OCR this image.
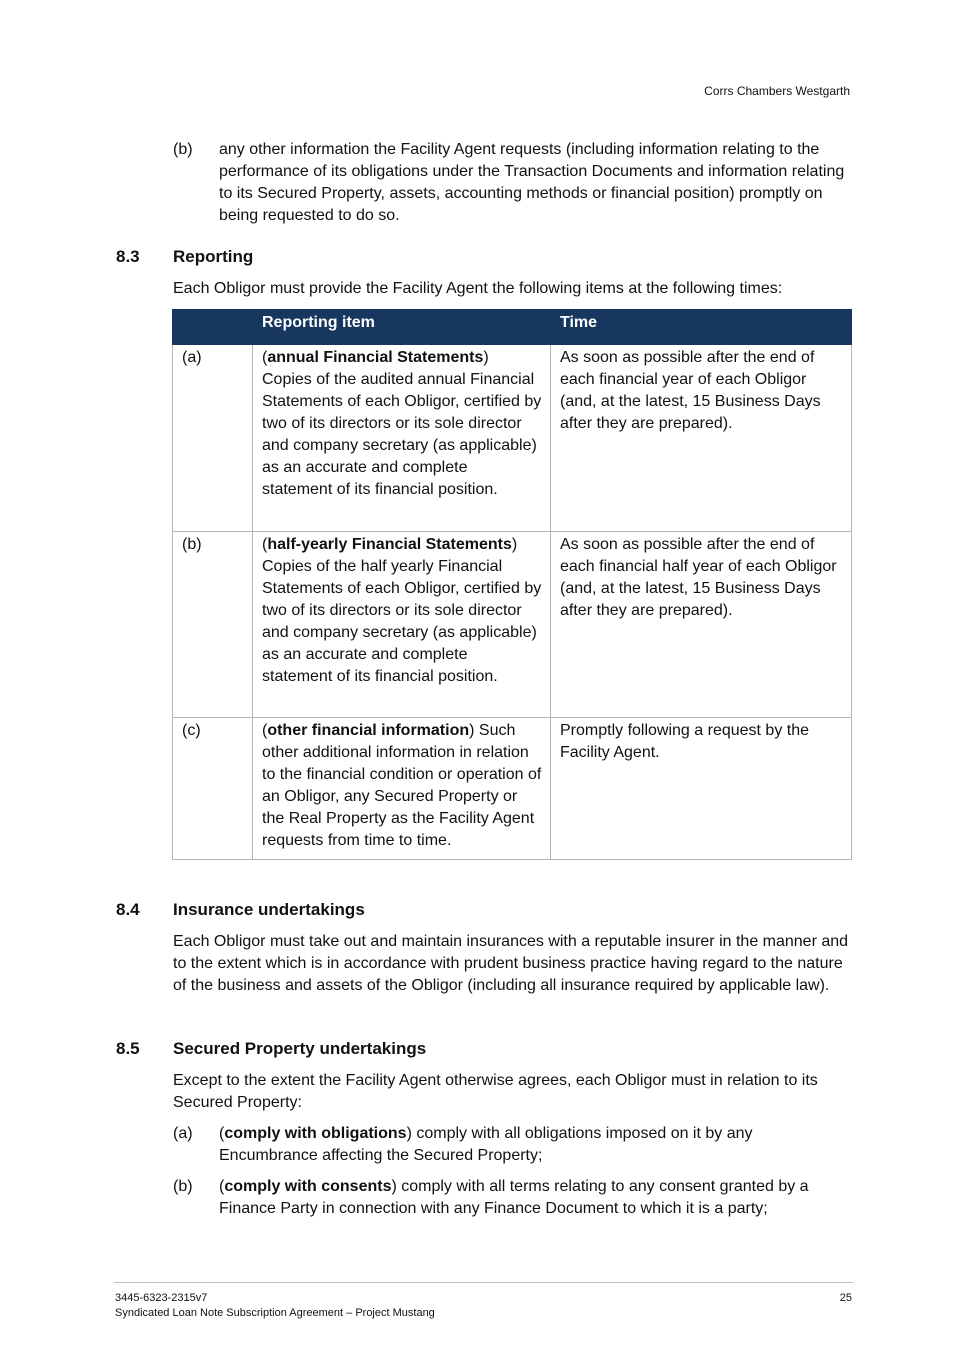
Corrs Chambers Westgarth
(b) any other information the Facility Agent requests (including information relating to the performance of its obligations under the Transaction Documents and information relating to its Secured Property, assets, accounting methods or financial position) promptly on being requested to do so.
8.3 Reporting
Each Obligor must provide the Facility Agent the following items at the following times:
	Reporting item	Time

(a)	(annual Financial Statements) Copies of the audited annual Financial Statements of each Obligor, certified by two of its directors or its sole director and company secretary (as applicable) as an accurate and complete statement of its financial position.	As soon as possible after the end of each financial year of each Obligor (and, at the latest, 15 Business Days after they are prepared).

(b)	(half-yearly Financial Statements) Copies of the half yearly Financial Statements of each Obligor, certified by two of its directors or its sole director and company secretary (as applicable) as an accurate and complete statement of its financial position.	As soon as possible after the end of each financial half year of each Obligor (and, at the latest, 15 Business Days after they are prepared).

(c)	(other financial information) Such other additional information in relation to the financial condition or operation of an Obligor, any Secured Property or the Real Property as the Facility Agent requests from time to time.	Promptly following a request by the Facility Agent.
8.4 Insurance undertakings
Each Obligor must take out and maintain insurances with a reputable insurer in the manner and to the extent which is in accordance with prudent business practice having regard to the nature of the business and assets of the Obligor (including all insurance required by applicable law).
8.5 Secured Property undertakings
Except to the extent the Facility Agent otherwise agrees, each Obligor must in relation to its Secured Property:
(a) (comply with obligations) comply with all obligations imposed on it by any Encumbrance affecting the Secured Property;
(b) (comply with consents) comply with all terms relating to any consent granted by a Finance Party in connection with any Finance Document to which it is a party;
3445-6323-2315v7
Syndicated Loan Note Subscription Agreement – Project Mustang
25
